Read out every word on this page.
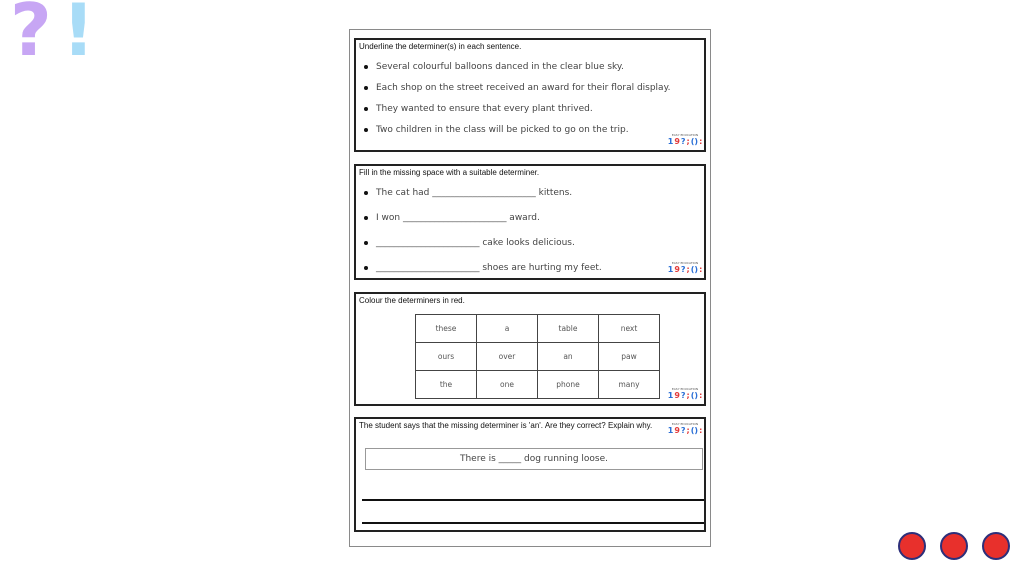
? !	Underline the determiner(s) in each sentence.
Several colourful balloons danced in the clear blue sky.
Each shop on the street received an award for their floral display.
They wanted to ensure that every plant thrived.
Two children in the class will be picked to go on the trip.	EASY EDUCATION
1 9 ? ; () :
Fill in the missing space with a suitable determiner.
The cat had _______________________ kittens.
I won _______________________ award.
_______________________ cake looks delicious.
_______________________ shoes are hurting my feet.	EASY EDUCATION
1 9 ? ; () :
Colour the determiners in red.
these	a	table	next
ours	over	an	paw
the	one	phone	many	EASY EDUCATION
1 9 ? ; () :
The student says that the missing determiner is 'an'. Are they correct? Explain why.	EASY EDUCATION
1 9 ? ; () :
There is _____ dog running loose.
